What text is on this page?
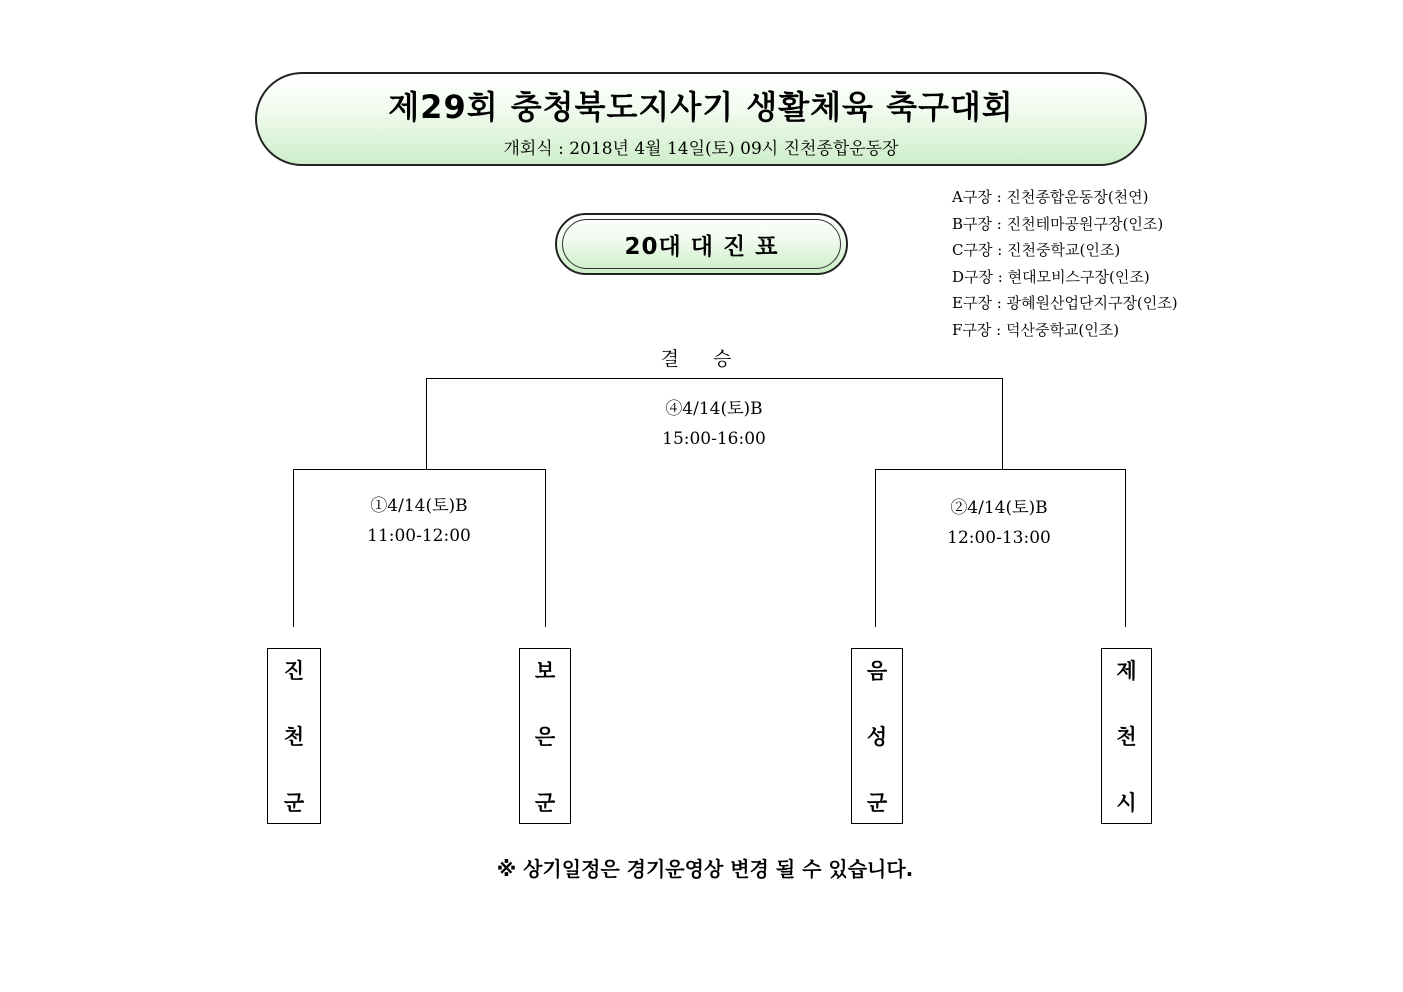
제29회 충청북도지사기 생활체육 축구대회
개회식 : 2018년 4월 14일(토) 09시 진천종합운동장
20대 대 진 표
A구장 : 진천종합운동장(천연)
B구장 : 진천테마공원구장(인조)
C구장 : 진천중학교(인조)
D구장 : 현대모비스구장(인조)
E구장 : 광혜원산업단지구장(인조)
F구장 : 덕산중학교(인조)
결 승
④4/14(토)B
15:00-16:00
①4/14(토)B
11:00-12:00
②4/14(토)B
12:00-13:00
진
천
군
보
은
군
음
성
군
제
천
시
※ 상기일정은 경기운영상 변경 될 수 있습니다.
